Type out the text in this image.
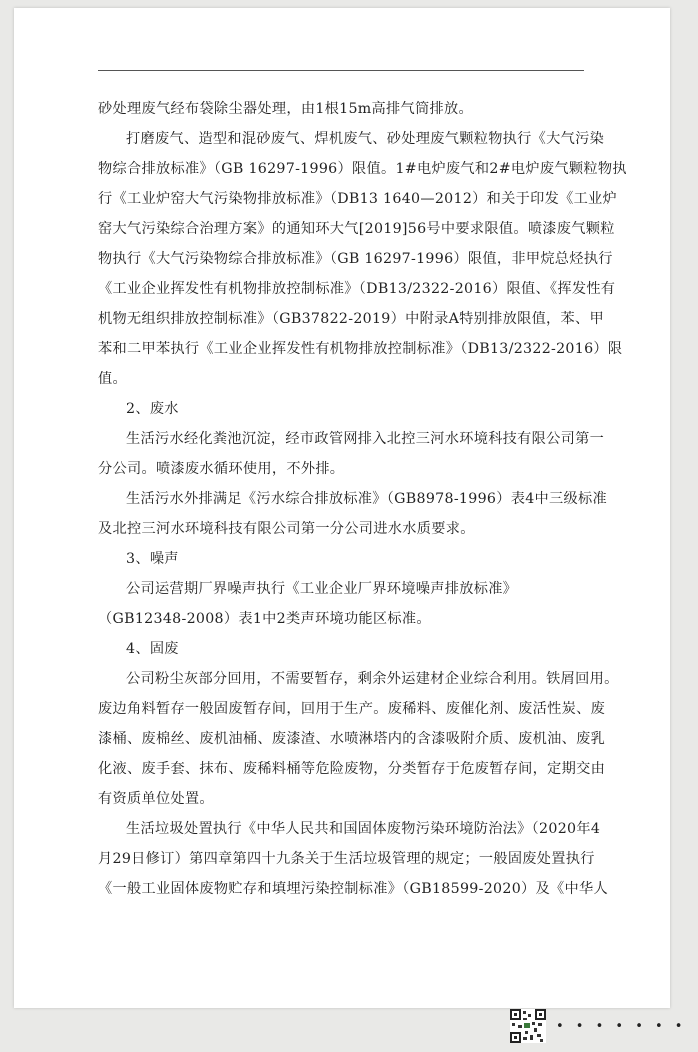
砂处理废气经布袋除尘器处理，由1根15m高排气筒排放。
打磨废气、造型和混砂废气、焊机废气、砂处理废气颗粒物执行《大气污染
物综合排放标准》（GB 16297-1996）限值。1#电炉废气和2#电炉废气颗粒物执
行《工业炉窑大气污染物排放标准》（DB13 1640—2012）和关于印发《工业炉
窑大气污染综合治理方案》的通知环大气[2019]56号中要求限值。喷漆废气颗粒
物执行《大气污染物综合排放标准》（GB 16297-1996）限值，非甲烷总烃执行
《工业企业挥发性有机物排放控制标准》（DB13/2322-2016）限值、《挥发性有
机物无组织排放控制标准》（GB37822-2019）中附录A特别排放限值，苯、甲
苯和二甲苯执行《工业企业挥发性有机物排放控制标准》（DB13/2322-2016）限
值。
2、废水
生活污水经化粪池沉淀，经市政管网排入北控三河水环境科技有限公司第一
分公司。喷漆废水循环使用，不外排。
生活污水外排满足《污水综合排放标准》（GB8978-1996）表4中三级标准
及北控三河水环境科技有限公司第一分公司进水水质要求。
3、噪声
公司运营期厂界噪声执行《工业企业厂界环境噪声排放标准》
（GB12348-2008）表1中2类声环境功能区标准。
4、固废
公司粉尘灰部分回用，不需要暂存，剩余外运建材企业综合利用。铁屑回用。
废边角料暂存一般固废暂存间，回用于生产。废稀料、废催化剂、废活性炭、废
漆桶、废棉丝、废机油桶、废漆渣、水喷淋塔内的含漆吸附介质、废机油、废乳
化液、废手套、抹布、废稀料桶等危险废物，分类暂存于危废暂存间，定期交由
有资质单位处置。
生活垃圾处置执行《中华人民共和国固体废物污染环境防治法》（2020年4
月29日修订）第四章第四十九条关于生活垃圾管理的规定；一般固废处置执行
《一般工业固体废物贮存和填埋污染控制标准》（GB18599-2020）及《中华人
• • • • • • •
